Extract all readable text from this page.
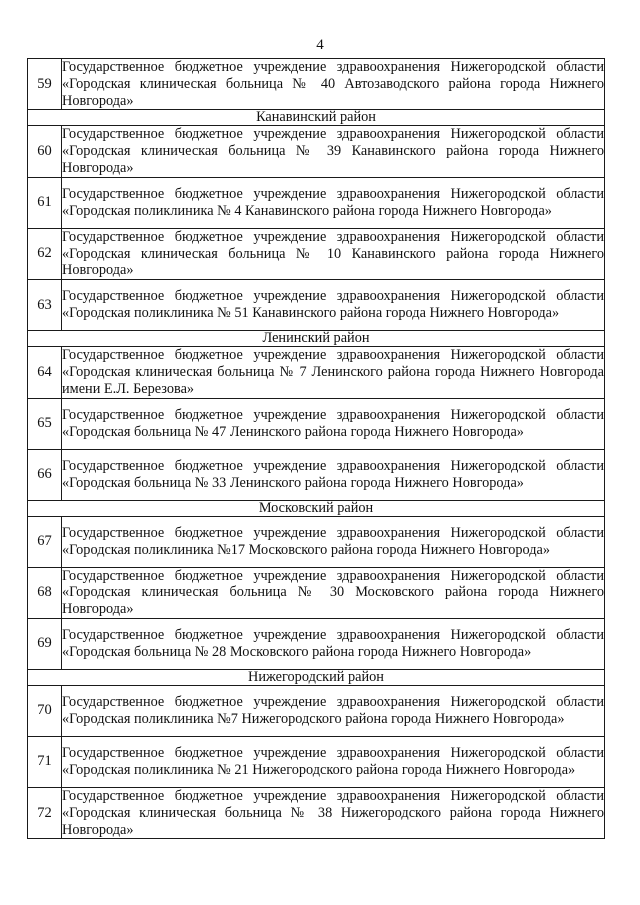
4
59	Государственное бюджетное учреждение здравоохранения Нижегородской области «Городская клиническая больница № 40 Автозаводского района города Нижнего Новгорода»
Канавинский район	
60	Государственное бюджетное учреждение здравоохранения Нижегородской области «Городская клиническая больница № 39 Канавинского района города Нижнего Новгорода»
61	Государственное бюджетное учреждение здравоохранения Нижегородской области «Городская поликлиника № 4 Канавинского района города Нижнего Новгорода»
62	Государственное бюджетное учреждение здравоохранения Нижегородской области «Городская клиническая больница № 10 Канавинского района города Нижнего Новгорода»
63	Государственное бюджетное учреждение здравоохранения Нижегородской области «Городская поликлиника № 51 Канавинского района города Нижнего Новгорода»
Ленинский район	
64	Государственное бюджетное учреждение здравоохранения Нижегородской области «Городская клиническая больница № 7 Ленинского района города Нижнего Новгорода имени Е.Л. Березова»
65	Государственное бюджетное учреждение здравоохранения Нижегородской области «Городская больница № 47 Ленинского района города Нижнего Новгорода»
66	Государственное бюджетное учреждение здравоохранения Нижегородской области «Городская больница № 33 Ленинского района города Нижнего Новгорода»
Московский район	
67	Государственное бюджетное учреждение здравоохранения Нижегородской области «Городская поликлиника №17 Московского района города Нижнего Новгорода»
68	Государственное бюджетное учреждение здравоохранения Нижегородской области «Городская клиническая больница № 30 Московского района города Нижнего Новгорода»
69	Государственное бюджетное учреждение здравоохранения Нижегородской области «Городская больница № 28 Московского района города Нижнего Новгорода»
Нижегородский район	
70	Государственное бюджетное учреждение здравоохранения Нижегородской области «Городская поликлиника №7 Нижегородского района города Нижнего Новгорода»
71	Государственное бюджетное учреждение здравоохранения Нижегородской области «Городская поликлиника № 21 Нижегородского района города Нижнего Новгорода»
72	Государственное бюджетное учреждение здравоохранения Нижегородской области «Городская клиническая больница № 38 Нижегородского района города Нижнего Новгорода»
